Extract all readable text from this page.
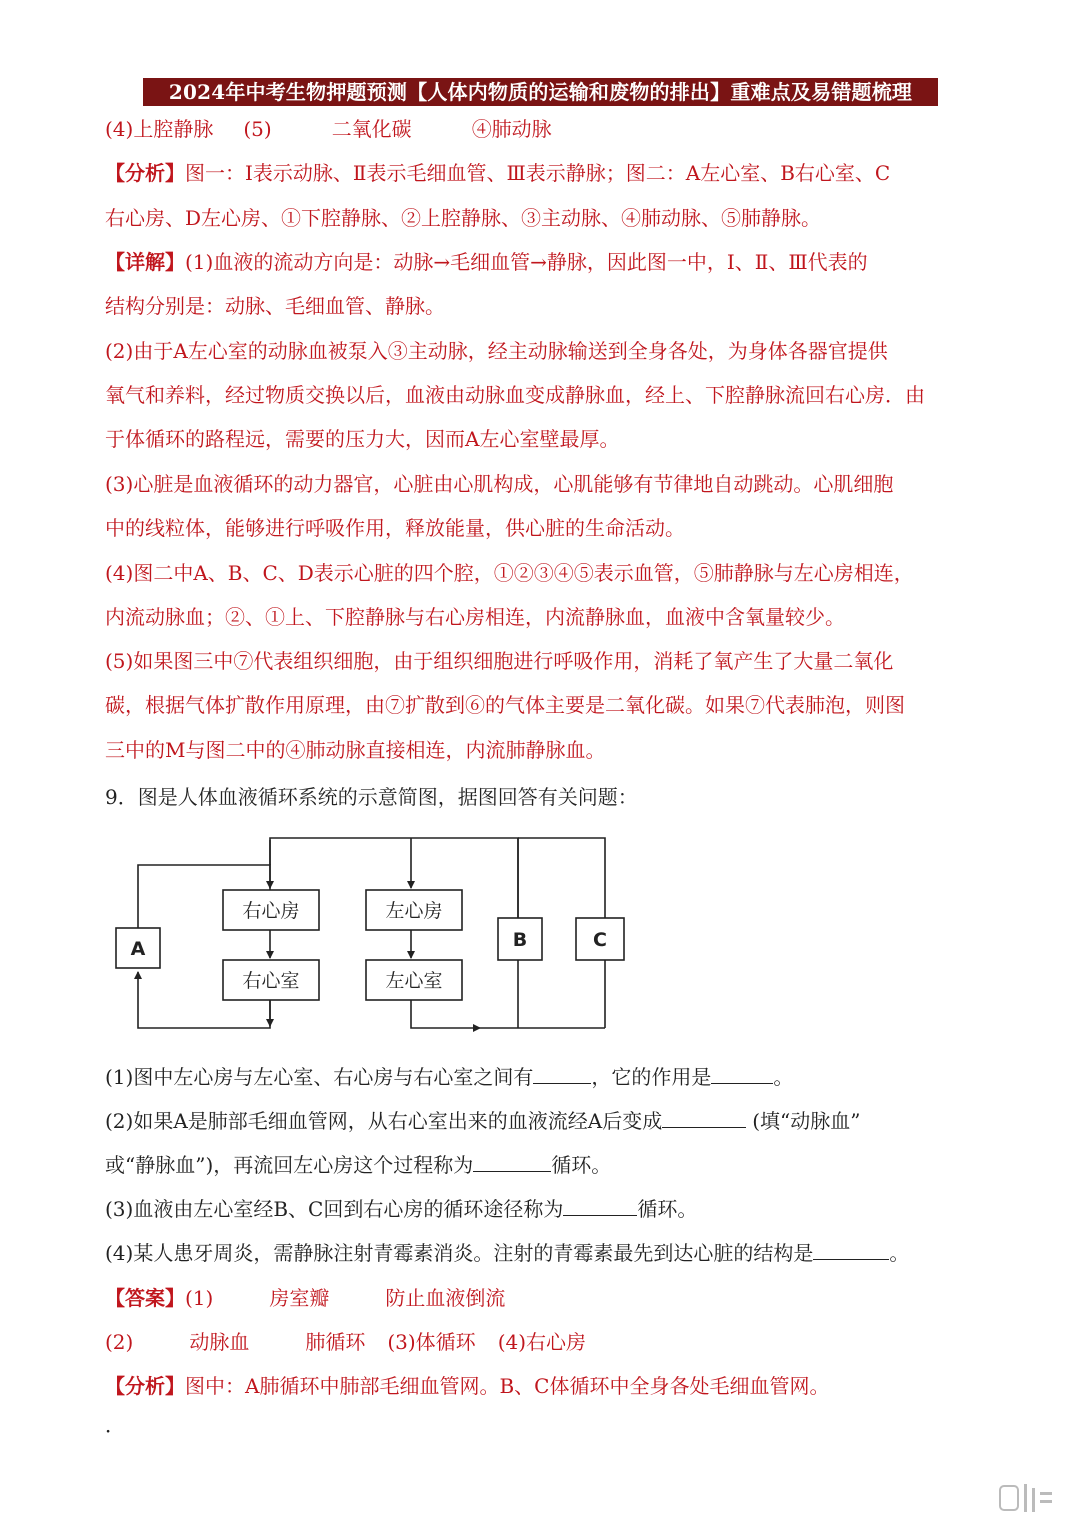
2024年中考生物押题预测【人体内物质的运输和废物的排出】重难点及易错题梳理
(4)上腔静脉 (5)	二氧化碳	④肺动脉
【分析】图一：Ⅰ表示动脉、Ⅱ表示毛细血管、Ⅲ表示静脉；图二：A左心室、B右心室、C
右心房、D左心房、①下腔静脉、②上腔静脉、③主动脉、④肺动脉、⑤肺静脉。
【详解】(1)血液的流动方向是：动脉→毛细血管→静脉，因此图一中，Ⅰ、Ⅱ、Ⅲ代表的
结构分别是：动脉、毛细血管、静脉。
(2)由于A左心室的动脉血被泵入③主动脉，经主动脉输送到全身各处，为身体各器官提供
氧气和养料，经过物质交换以后，血液由动脉血变成静脉血，经上、下腔静脉流回右心房．由
于体循环的路程远，需要的压力大，因而A左心室壁最厚。
(3)心脏是血液循环的动力器官，心脏由心肌构成，心肌能够有节律地自动跳动。心肌细胞
中的线粒体，能够进行呼吸作用，释放能量，供心脏的生命活动。
(4)图二中A、B、C、D表示心脏的四个腔，①②③④⑤表示血管，⑤肺静脉与左心房相连，
内流动脉血；②、①上、下腔静脉与右心房相连，内流静脉血，血液中含氧量较少。
(5)如果图三中⑦代表组织细胞，由于组织细胞进行呼吸作用，消耗了氧产生了大量二氧化
碳，根据气体扩散作用原理，由⑦扩散到⑥的气体主要是二氧化碳。如果⑦代表肺泡，则图
三中的M与图二中的④肺动脉直接相连，内流肺静脉血。
9．图是人体血液循环系统的示意简图，据图回答有关问题：
A
右心房
右心室
左心房
左心室
B	C
(1)图中左心房与左心室、右心房与右心室之间有	，它的作用是	。
(2)如果A是肺部毛细血管网，从右心室出来的血液流经A后变成	(填“动脉血”
或“静脉血”)，再流回左心房这个过程称为	循环。
(3)血液由左心室经B、C回到右心房的循环途径称为	循环。
(4)某人患牙周炎，需静脉注射青霉素消炎。注射的青霉素最先到达心脏的结构是	。
【答案】(1)	房室瓣	防止血液倒流
(2)	动脉血	肺循环 (3)体循环 (4)右心房
【分析】图中：A肺循环中肺部毛细血管网。B、C体循环中全身各处毛细血管网。
．
